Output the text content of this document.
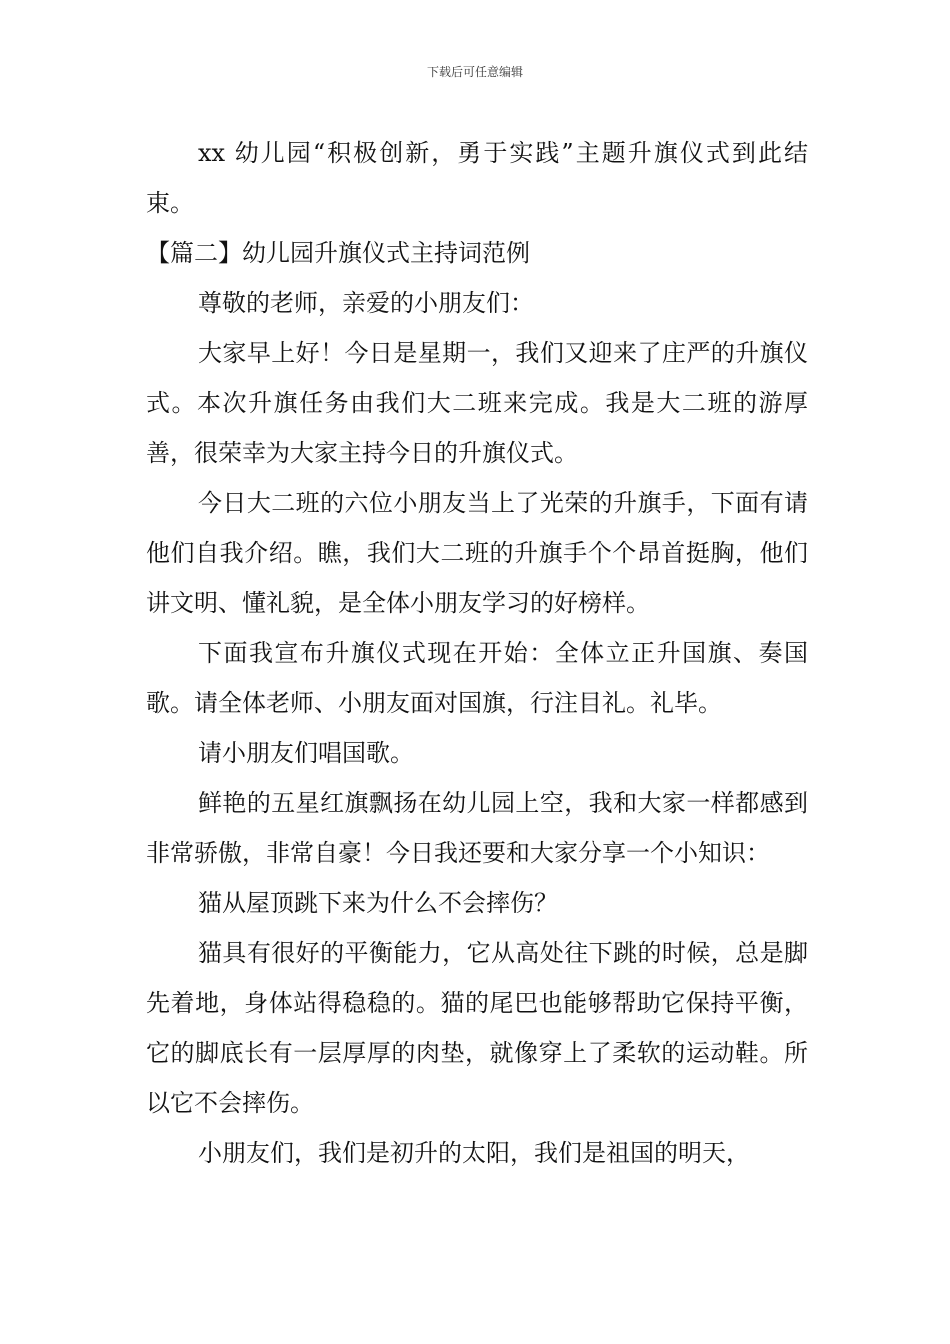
下载后可任意编辑

xx 幼儿园“积极创新，勇于实践”主题升旗仪式到此结束。

【篇二】幼儿园升旗仪式主持词范例

尊敬的老师，亲爱的小朋友们：

大家早上好！今日是星期一，我们又迎来了庄严的升旗仪式。本次升旗任务由我们大二班来完成。我是大二班的游厚善，很荣幸为大家主持今日的升旗仪式。

今日大二班的六位小朋友当上了光荣的升旗手，下面有请他们自我介绍。瞧，我们大二班的升旗手个个昂首挺胸，他们讲文明、懂礼貌，是全体小朋友学习的好榜样。

下面我宣布升旗仪式现在开始：全体立正升国旗、奏国歌。请全体老师、小朋友面对国旗，行注目礼。礼毕。

请小朋友们唱国歌。

鲜艳的五星红旗飘扬在幼儿园上空，我和大家一样都感到非常骄傲，非常自豪！今日我还要和大家分享一个小知识：

猫从屋顶跳下来为什么不会摔伤？

猫具有很好的平衡能力，它从高处往下跳的时候，总是脚先着地，身体站得稳稳的。猫的尾巴也能够帮助它保持平衡，它的脚底长有一层厚厚的肉垫，就像穿上了柔软的运动鞋。所以它不会摔伤。

小朋友们，我们是初升的太阳，我们是祖国的明天，
